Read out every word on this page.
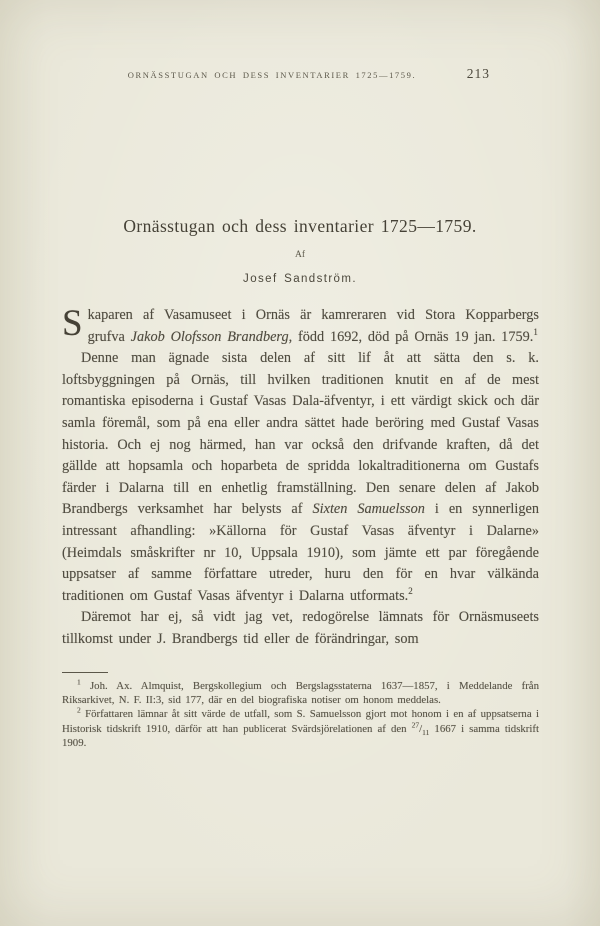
ORNÄSSTUGAN OCH DESS INVENTARIER 1725—1759.	213
Ornässtugan och dess inventarier 1725—1759.
Af
Josef Sandström.

Skaparen af Vasamuseet i Ornäs är kamreraren vid Stora Kopparbergs grufva Jakob Olofsson Brandberg, född 1692, död på Ornäs 19 jan. 1759.$^1$

Denne man ägnade sista delen af sitt lif åt att sätta den s. k. loftsbyggningen på Ornäs, till hvilken traditionen knutit en af de mest romantiska episoderna i Gustaf Vasas Dala-äfventyr, i ett värdigt skick och där samla föremål, som på ena eller andra sättet hade beröring med Gustaf Vasas historia. Och ej nog härmed, han var också den drifvande kraften, då det gällde att hopsamla och hoparbeta de spridda lokaltraditionerna om Gustafs färder i Dalarna till en enhetlig framställning. Den senare delen af Jakob Brandbergs verksamhet har belysts af Sixten Samuelsson i en synnerligen intressant afhandling: »Källorna för Gustaf Vasas äfventyr i Dalarne» (Heimdals småskrifter nr 10, Uppsala 1910), som jämte ett par föregående uppsatser af samme författare utreder, huru den för en hvar välkända traditionen om Gustaf Vasas äfventyr i Dalarna utformats.$^2$

Däremot har ej, så vidt jag vet, redogörelse lämnats för Ornäsmuseets tillkomst under J. Brandbergs tid eller de förändringar, som

$^1$ Joh. Ax. Almquist, Bergskollegium och Bergslagsstaterna 1637—1857, i Meddelande från Riksarkivet, N. F. II:3, sid 177, där en del biografiska notiser om honom meddelas.

$^2$ Författaren lämnar åt sitt värde de utfall, som S. Samuelsson gjort mot honom i en af uppsatserna i Historisk tidskrift 1910, därför att han publicerat Svärdsjörelationen af den $^{27}/_{11}$ 1667 i samma tidskrift 1909.
